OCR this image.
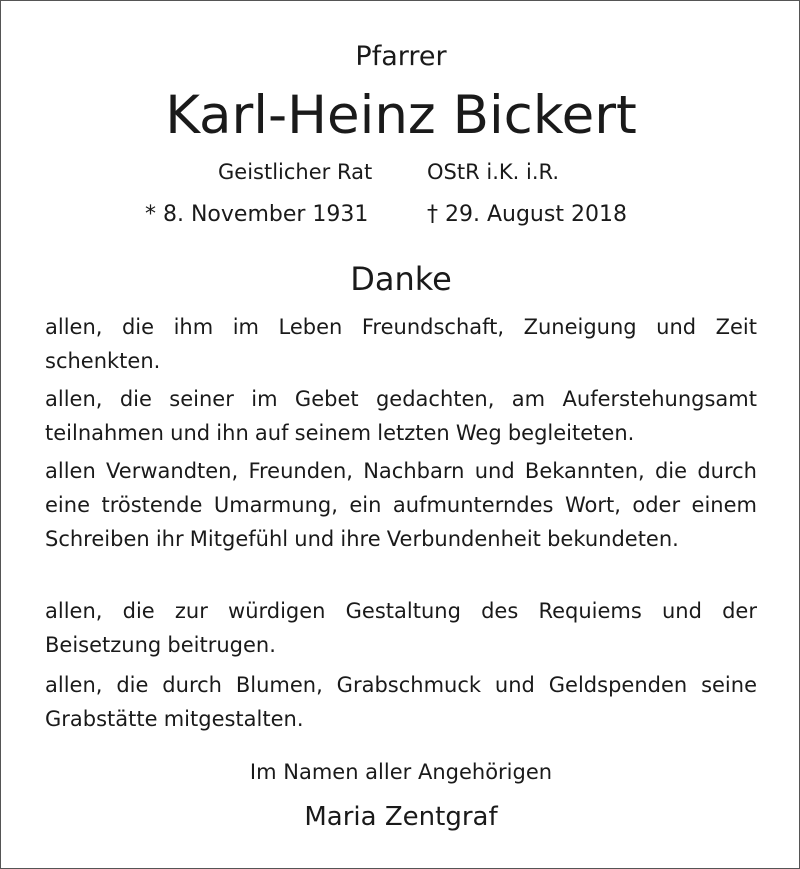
Pfarrer
Karl-Heinz Bickert
Geistlicher Rat	OStR i.K. i.R.
* 8. November 1931	† 29. August 2018
Danke
allen, die ihm im Leben Freundschaft, Zuneigung und Zeit schenkten.
allen, die seiner im Gebet gedachten, am Auferstehungsamt teilnahmen und ihn auf seinem letzten Weg begleiteten.
allen Verwandten, Freunden, Nachbarn und Bekannten, die durch eine tröstende Umarmung, ein aufmunterndes Wort, oder einem Schreiben ihr Mitgefühl und ihre Verbundenheit bekundeten.
allen, die zur würdigen Gestaltung des Requiems und der Beisetzung beitrugen.
allen, die durch Blumen, Grabschmuck und Geldspenden seine Grabstätte mitgestalten.
Im Namen aller Angehörigen
Maria Zentgraf
